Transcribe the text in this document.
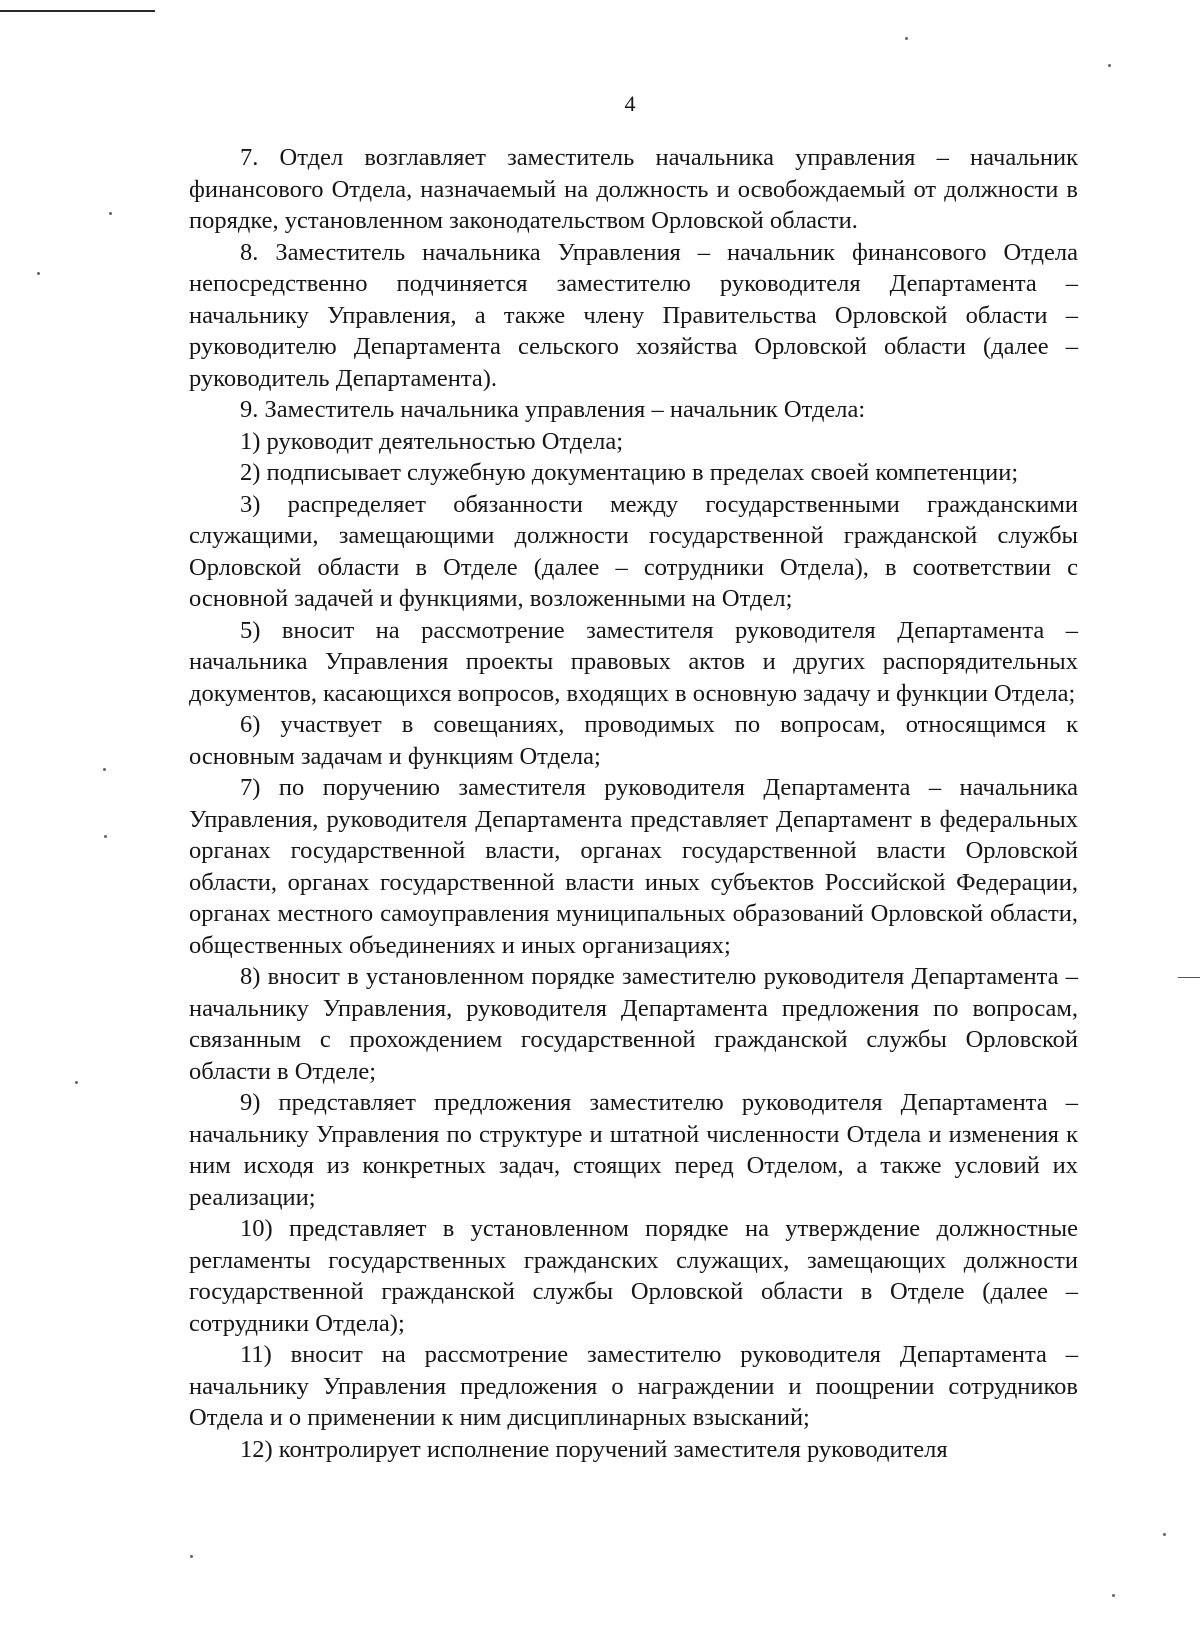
4

7. Отдел возглавляет заместитель начальника управления – начальник финансового Отдела, назначаемый на должность и освобождаемый от должности в порядке, установленном законодательством Орловской области.

8. Заместитель начальника Управления – начальник финансового Отдела непосредственно подчиняется заместителю руководителя Департамента – начальнику Управления, а также члену Правительства Орловской области – руководителю Департамента сельского хозяйства Орловской области (далее – руководитель Департамента).

9. Заместитель начальника управления – начальник Отдела:

1) руководит деятельностью Отдела;

2) подписывает служебную документацию в пределах своей компетенции;

3) распределяет обязанности между государственными гражданскими служащими, замещающими должности государственной гражданской службы Орловской области в Отделе (далее – сотрудники Отдела), в соответствии с основной задачей и функциями, возложенными на Отдел;

5) вносит на рассмотрение заместителя руководителя Департамента – начальника Управления проекты правовых актов и других распорядительных документов, касающихся вопросов, входящих в основную задачу и функции Отдела;

6) участвует в совещаниях, проводимых по вопросам, относящимся к основным задачам и функциям Отдела;

7) по поручению заместителя руководителя Департамента – начальника Управления, руководителя Департамента представляет Департамент в федеральных органах государственной власти, органах государственной власти Орловской области, органах государственной власти иных субъектов Российской Федерации, органах местного самоуправления муниципальных образований Орловской области, общественных объединениях и иных организациях;

8) вносит в установленном порядке заместителю руководителя Департамента – начальнику Управления, руководителя Департамента предложения по вопросам, связанным с прохождением государственной гражданской службы Орловской области в Отделе;

9) представляет предложения заместителю руководителя Департамента – начальнику Управления по структуре и штатной численности Отдела и изменения к ним исходя из конкретных задач, стоящих перед Отделом, а также условий их реализации;

10) представляет в установленном порядке на утверждение должностные регламенты государственных гражданских служащих, замещающих должности государственной гражданской службы Орловской области в Отделе (далее – сотрудники Отдела);

11) вносит на рассмотрение заместителю руководителя Департамента – начальнику Управления предложения о награждении и поощрении сотрудников Отдела и о применении к ним дисциплинарных взысканий;

12) контролирует исполнение поручений заместителя руководителя
